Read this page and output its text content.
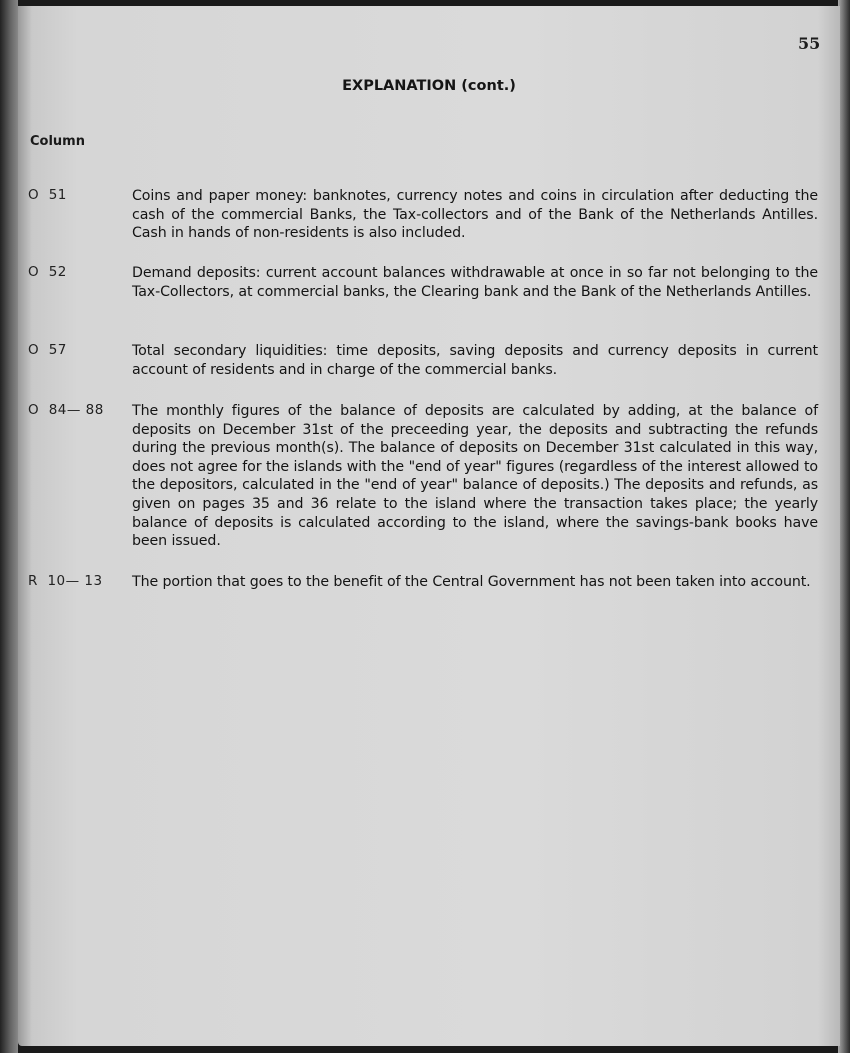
55
EXPLANATION (cont.)
Column
O  51	Coins and paper money: banknotes, currency notes and coins in circulation after deducting the cash of the commercial Banks, the Tax-collectors and of the Bank of the Netherlands Antilles. Cash in hands of non-residents is also included.
O  52	Demand deposits: current account balances withdrawable at once in so far not belonging to the Tax-Collectors, at commercial banks, the Clearing bank and the Bank of the Netherlands Antilles.
O  57	Total secondary liquidities: time deposits, saving deposits and currency deposits in current account of residents and in charge of the commercial banks.
O  84— 88 The monthly figures of the balance of deposits are calculated by adding, at the balance of deposits on December 31st of the preceeding year, the deposits and subtracting the refunds during the previous month(s). The balance of deposits on December 31st calculated in this way, does not agree for the islands with the "end of year" figures (regardless of the interest allowed to the depositors, calculated in the "end of year" balance of deposits.) The deposits and refunds, as given on pages 35 and 36 relate to the island where the transaction takes place; the yearly balance of deposits is calculated according to the island, where the savings-bank books have been issued.
R  10— 13 The portion that goes to the benefit of the Central Government has not been taken into account.
